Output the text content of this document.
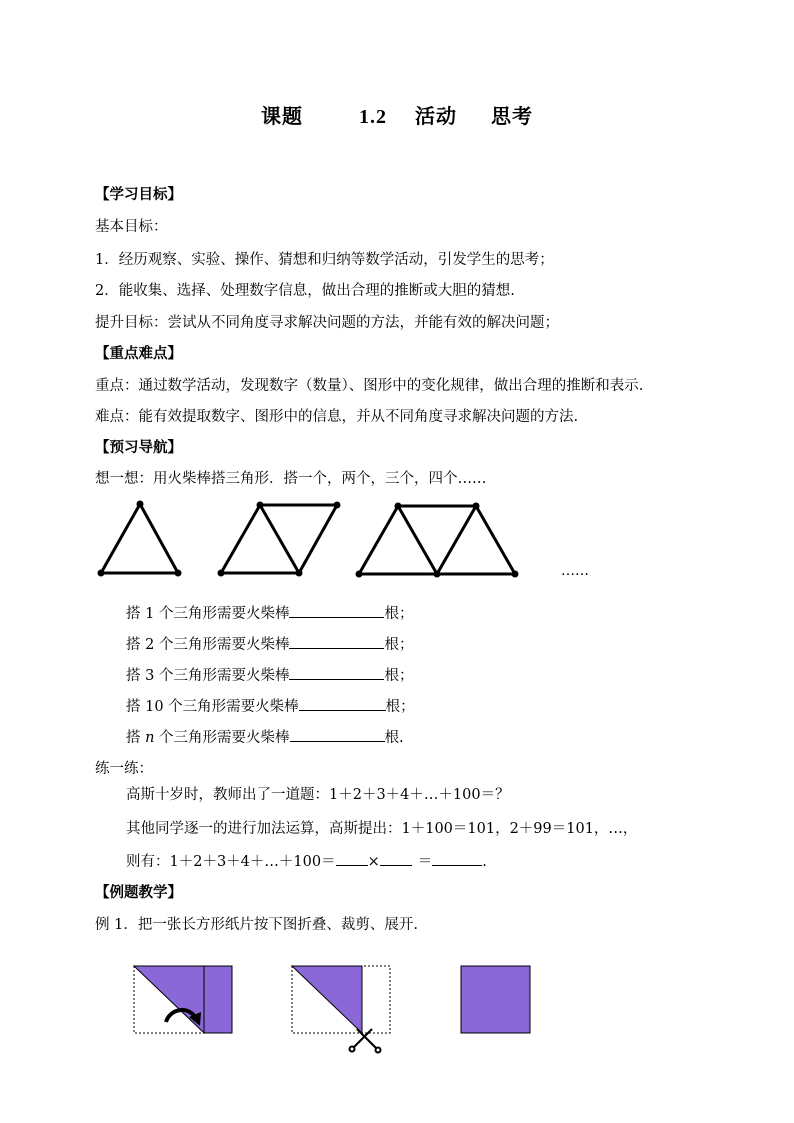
课题	1.2 活动 思考
【学习目标】
基本目标：
1．经历观察、实验、操作、猜想和归纳等数学活动，引发学生的思考；
2．能收集、选择、处理数字信息，做出合理的推断或大胆的猜想.
提升目标：尝试从不同角度寻求解决问题的方法，并能有效的解决问题；
【重点难点】
重点：通过数学活动，发现数字（数量）、图形中的变化规律，做出合理的推断和表示.
难点：能有效提取数字、图形中的信息，并从不同角度寻求解决问题的方法.
【预习导航】
想一想：用火柴棒搭三角形．搭一个，两个，三个，四个……
……
搭 1 个三角形需要火柴棒	根；
搭 2 个三角形需要火柴棒	根；
搭 3 个三角形需要火柴棒	根；
搭 10 个三角形需要火柴棒	根；
搭 n 个三角形需要火柴棒	根.
练一练：
高斯十岁时，教师出了一道题：1＋2＋3＋4＋…＋100＝？
其他同学逐一的进行加法运算，高斯提出：1＋100＝101，2＋99＝101，…，
则有：1＋2＋3＋4＋…＋100＝ ×	＝	.
【例题教学】
例 1．把一张长方形纸片按下图折叠、裁剪、展开.
